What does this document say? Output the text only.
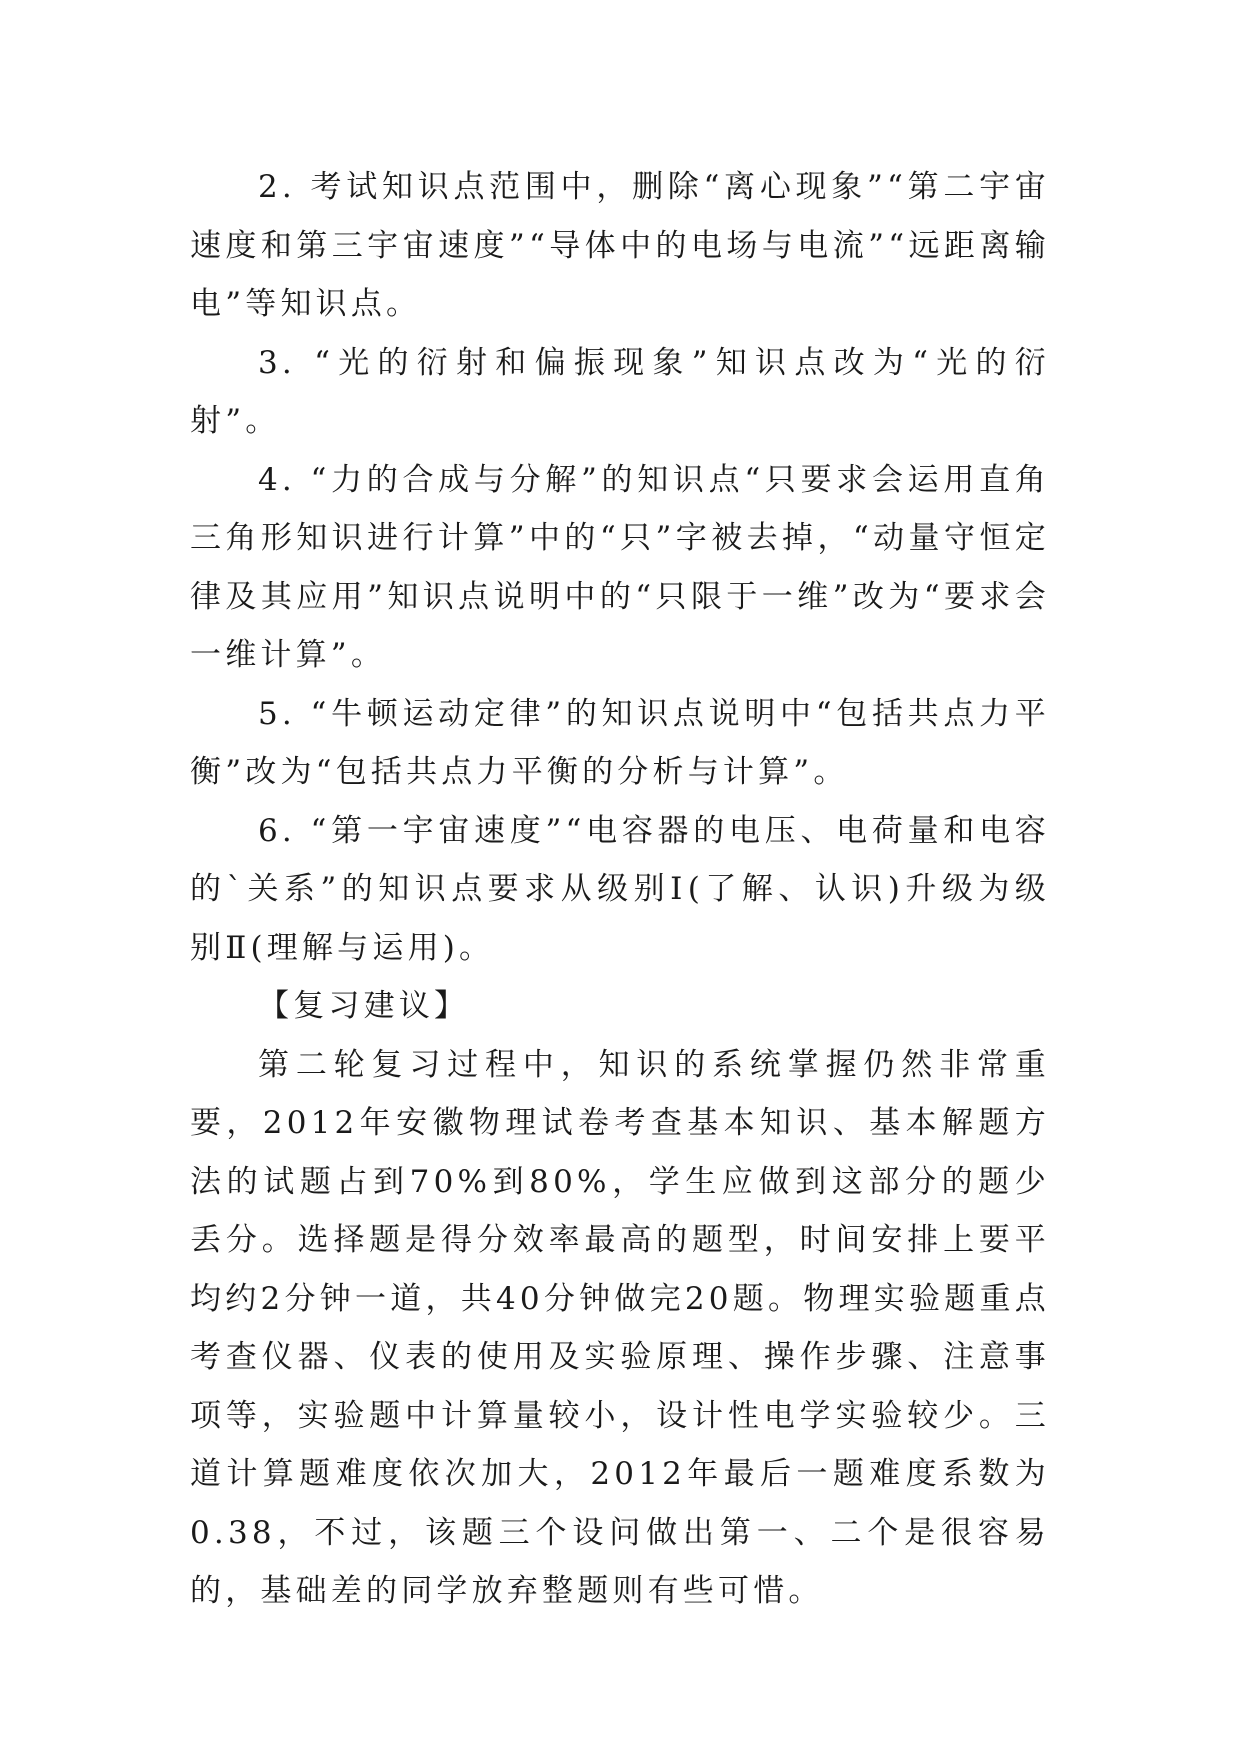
2. 考试知识点范围中，删除“离心现象”“第二宇宙速度和第三宇宙速度”“导体中的电场与电流”“远距离输电”等知识点。

3. “光的衍射和偏振现象”知识点改为“光的衍射”。

4. “力的合成与分解”的知识点“只要求会运用直角三角形知识进行计算”中的“只”字被去掉，“动量守恒定律及其应用”知识点说明中的“只限于一维”改为“要求会一维计算”。

5. “牛顿运动定律”的知识点说明中“包括共点力平衡”改为“包括共点力平衡的分析与计算”。

6. “第一宇宙速度”“电容器的电压、电荷量和电容的`关系”的知识点要求从级别Ⅰ(了解、认识)升级为级别Ⅱ(理解与运用)。

【复习建议】

第二轮复习过程中，知识的系统掌握仍然非常重要，2012年安徽物理试卷考查基本知识、基本解题方法的试题占到70%到80%，学生应做到这部分的题少丢分。选择题是得分效率最高的题型，时间安排上要平均约2分钟一道，共40分钟做完20题。物理实验题重点考查仪器、仪表的使用及实验原理、操作步骤、注意事项等，实验题中计算量较小，设计性电学实验较少。三道计算题难度依次加大，2012年最后一题难度系数为0.38，不过，该题三个设问做出第一、二个是很容易的，基础差的同学放弃整题则有些可惜。
